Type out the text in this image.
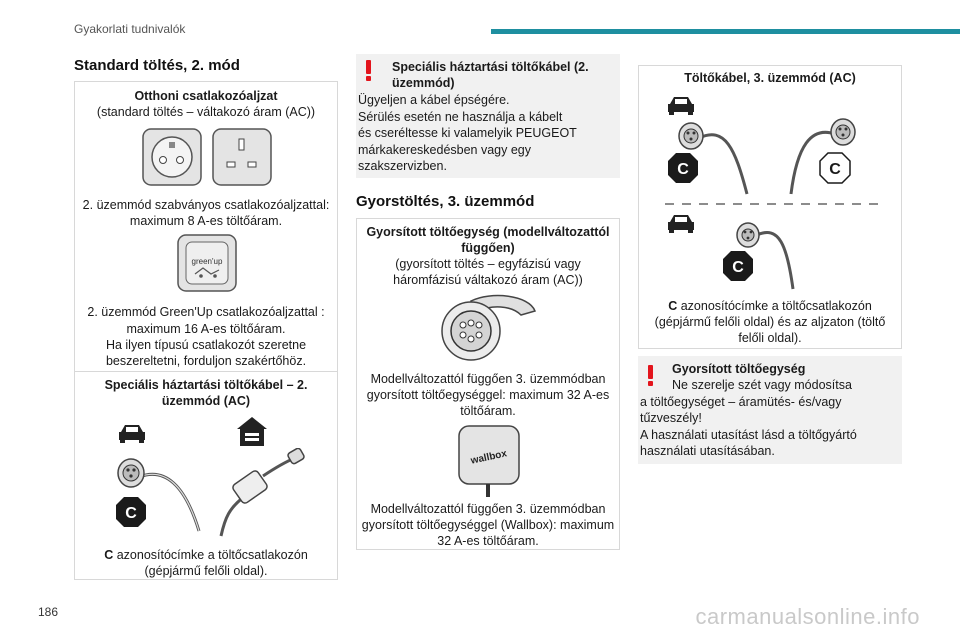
Gyakorlati tudnivalók
186	carmanualsonline.info
Standard töltés, 2. mód
Otthoni csatlakozóaljzat
(standard töltés – váltakozó áram (AC))
2. üzemmód szabványos csatlakozóaljzattal:
maximum 8 A-es töltőáram.
green'up
2. üzemmód Green'Up csatlakozóaljzattal :
maximum 16 A-es töltőáram.
Ha ilyen típusú csatlakozót szeretne
beszereltetni, forduljon szakértőhöz.
Speciális háztartási töltőkábel – 2.
üzemmód (AC)
C
C azonosítócímke a töltőcsatlakozón
(gépjármű felőli oldal).
Speciális háztartási töltőkábel (2.
üzemmód)
Ügyeljen a kábel épségére.
Sérülés esetén ne használja a kábelt
és cseréltesse ki valamelyik PEUGEOT
márkakereskedésben vagy egy
szakszervizben.
Gyorstöltés, 3. üzemmód
Gyorsított töltőegység (modellváltozattól
függően)
(gyorsított töltés – egyfázisú vagy
háromfázisú váltakozó áram (AC))
Modellváltozattól függően 3. üzemmódban
gyorsított töltőegységgel: maximum 32 A-es
töltőáram.
wallbox
Modellváltozattól függően 3. üzemmódban
gyorsított töltőegységgel (Wallbox): maximum
32 A-es töltőáram.
Töltőkábel, 3. üzemmód (AC)
C	C
C
C azonosítócímke a töltőcsatlakozón
(gépjármű felőli oldal) és az aljzaton (töltő
felőli oldal).
Gyorsított töltőegység
Ne szerelje szét vagy módosítsa
a töltőegységet – áramütés- és/vagy
tűzveszély!
A használati utasítást lásd a töltőgyártó
használati utasításában.
